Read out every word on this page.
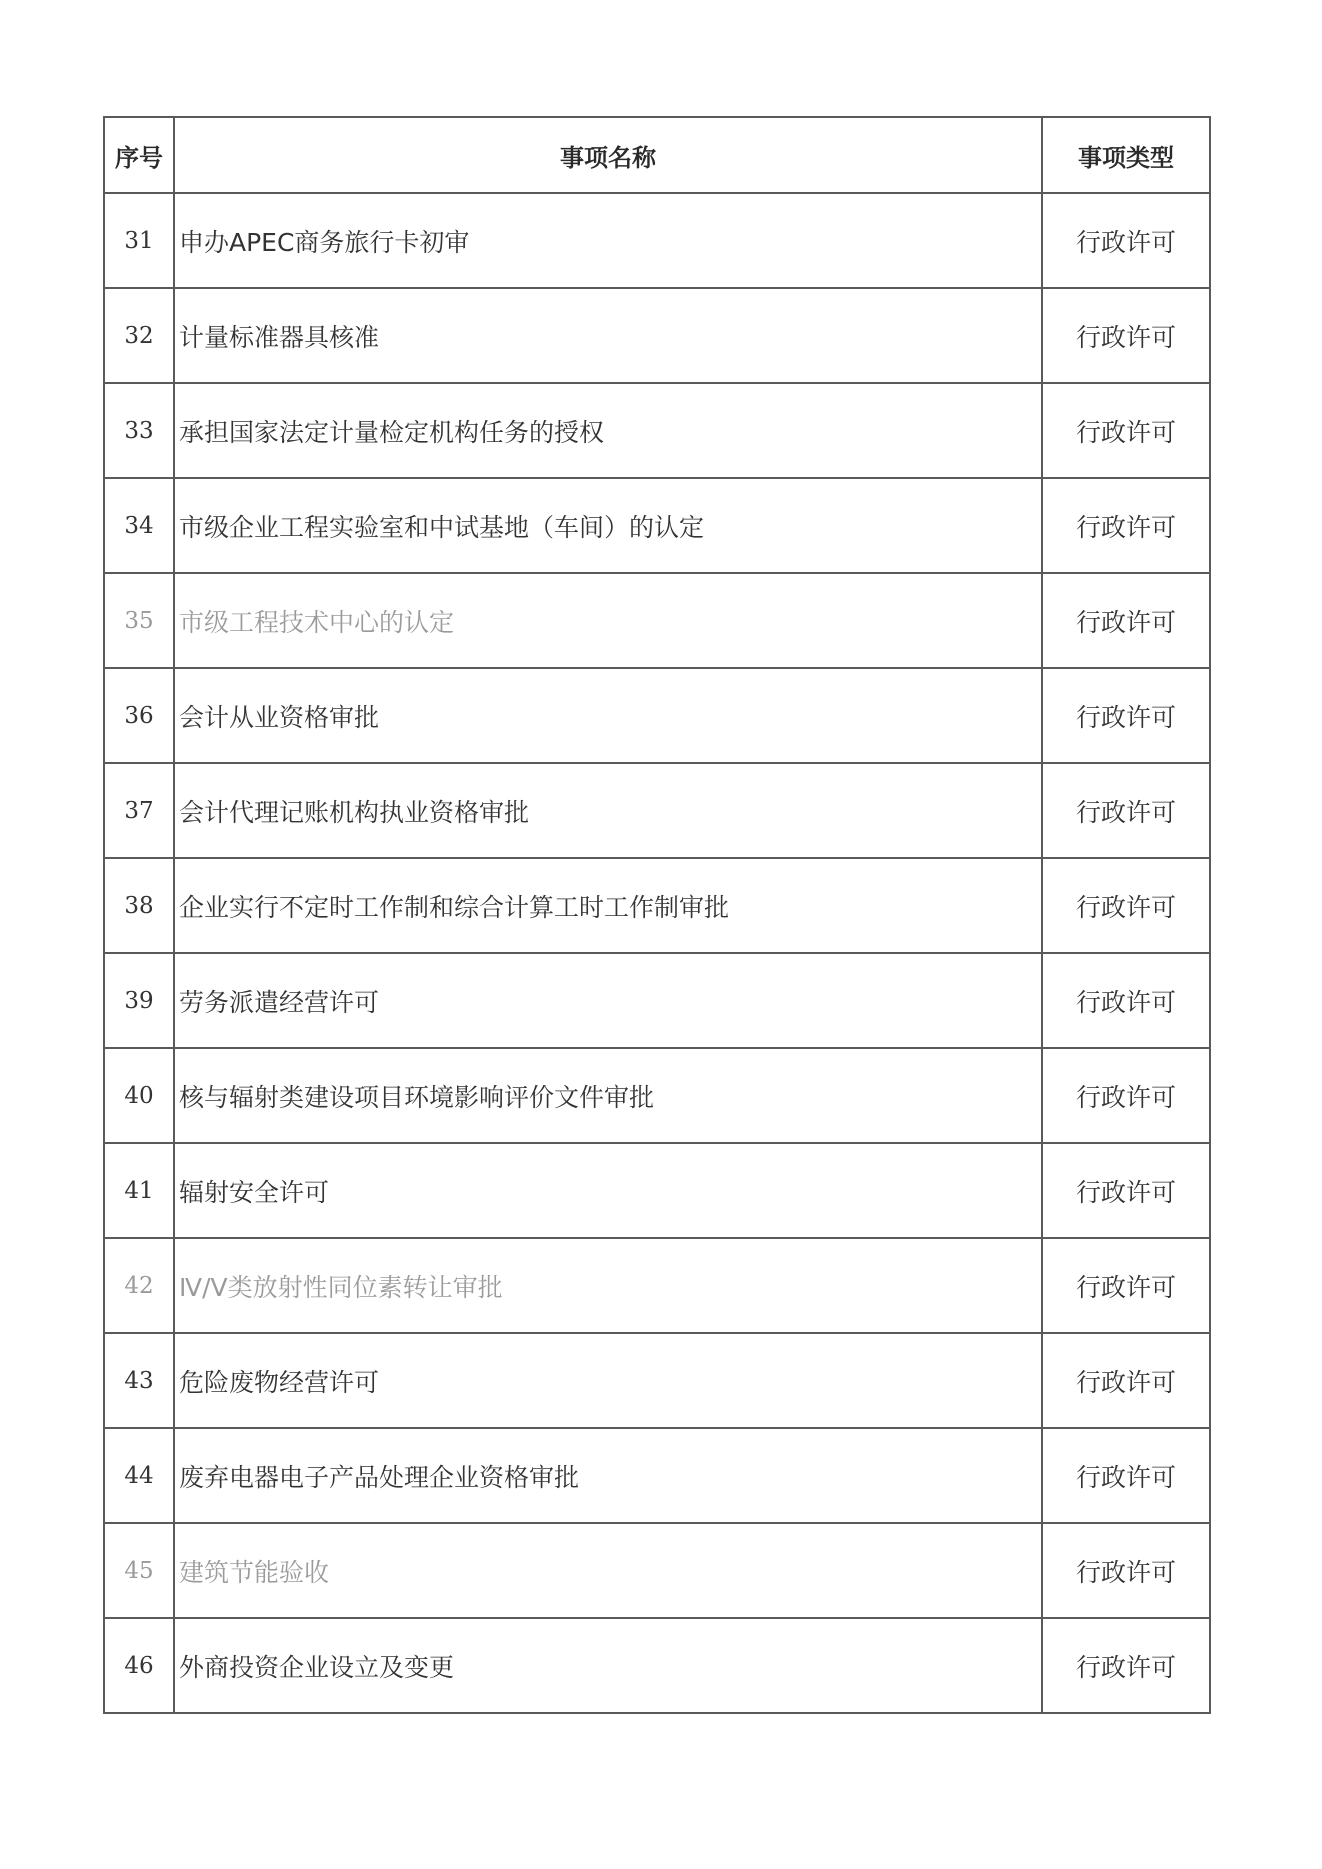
序号	事项名称	事项类型
31	申办APEC商务旅行卡初审	行政许可
32	计量标准器具核准	行政许可
33	承担国家法定计量检定机构任务的授权	行政许可
34	市级企业工程实验室和中试基地（车间）的认定	行政许可
35	市级工程技术中心的认定	行政许可
36	会计从业资格审批	行政许可
37	会计代理记账机构执业资格审批	行政许可
38	企业实行不定时工作制和综合计算工时工作制审批	行政许可
39	劳务派遣经营许可	行政许可
40	核与辐射类建设项目环境影响评价文件审批	行政许可
41	辐射安全许可	行政许可
42	Ⅳ/Ⅴ类放射性同位素转让审批	行政许可
43	危险废物经营许可	行政许可
44	废弃电器电子产品处理企业资格审批	行政许可
45	建筑节能验收	行政许可
46	外商投资企业设立及变更	行政许可
